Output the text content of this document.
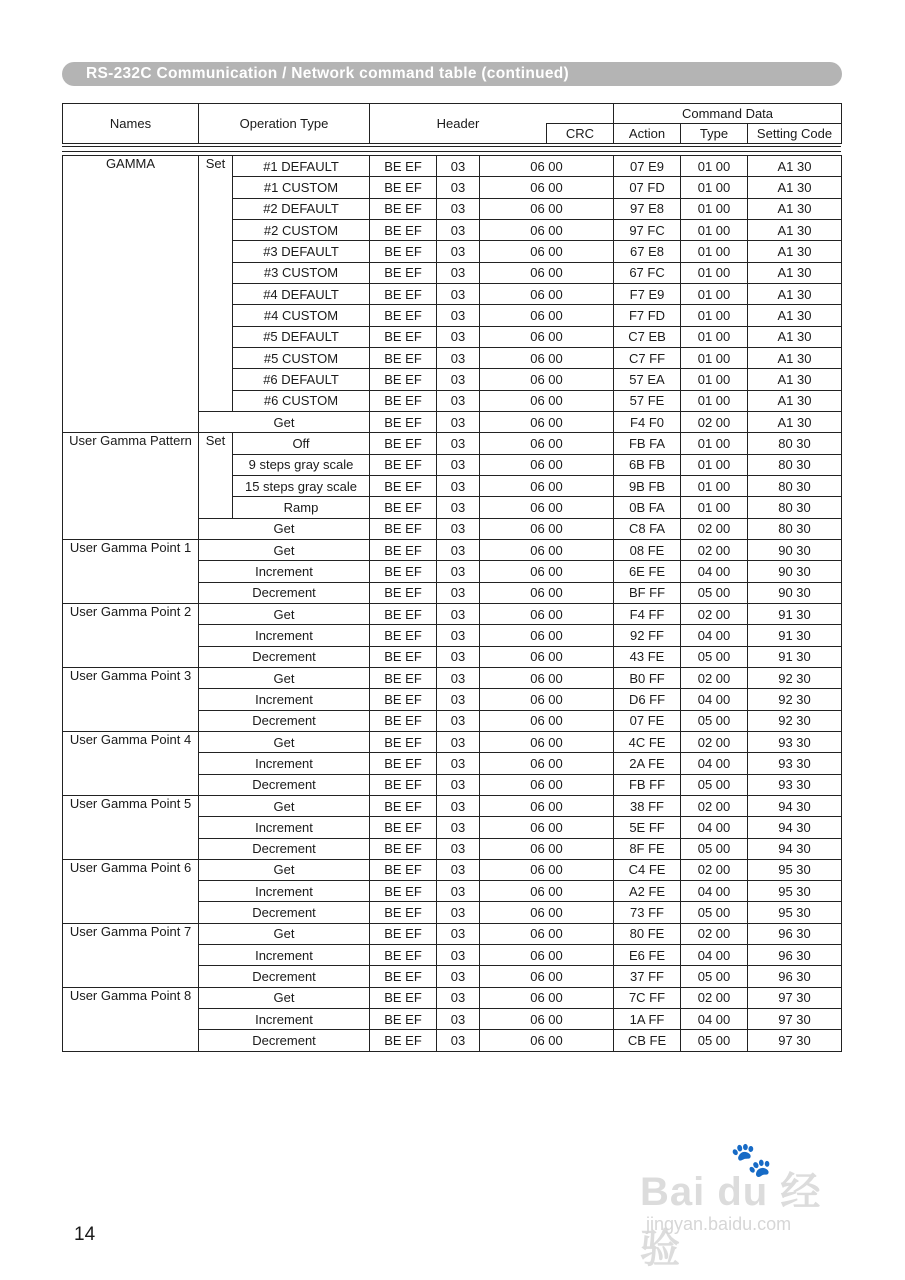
RS-232C Communication / Network command table (continued)
Names	Operation Type	Header		Command Data		
			CRC	Action	Type	Setting Code
GAMMA	Set	#1 DEFAULT	BE EF	03	06 00	07 E9	01 00	A1 30	
		#1 CUSTOM	BE EF	03	06 00	07 FD	01 00	A1 30	
		#2 DEFAULT	BE EF	03	06 00	97 E8	01 00	A1 30	
		#2 CUSTOM	BE EF	03	06 00	97 FC	01 00	A1 30	
		#3 DEFAULT	BE EF	03	06 00	67 E8	01 00	A1 30	
		#3 CUSTOM	BE EF	03	06 00	67 FC	01 00	A1 30	
		#4 DEFAULT	BE EF	03	06 00	F7 E9	01 00	A1 30	
		#4 CUSTOM	BE EF	03	06 00	F7 FD	01 00	A1 30	
		#5 DEFAULT	BE EF	03	06 00	C7 EB	01 00	A1 30	
		#5 CUSTOM	BE EF	03	06 00	C7 FF	01 00	A1 30	
		#6 DEFAULT	BE EF	03	06 00	57 EA	01 00	A1 30	
		#6 CUSTOM	BE EF	03	06 00	57 FE	01 00	A1 30	
	Get		BE EF	03	06 00	F4 F0	02 00	A1 30	
User Gamma Pattern	Set	Off	BE EF	03	06 00	FB FA	01 00	80 30	
		9 steps gray scale	BE EF	03	06 00	6B FB	01 00	80 30	
		15 steps gray scale	BE EF	03	06 00	9B FB	01 00	80 30	
		Ramp	BE EF	03	06 00	0B FA	01 00	80 30	
	Get		BE EF	03	06 00	C8 FA	02 00	80 30	
User Gamma Point 1	Get		BE EF	03	06 00	08 FE	02 00	90 30	
	Increment		BE EF	03	06 00	6E FE	04 00	90 30	
	Decrement		BE EF	03	06 00	BF FF	05 00	90 30	
User Gamma Point 2	Get		BE EF	03	06 00	F4 FF	02 00	91 30	
	Increment		BE EF	03	06 00	92 FF	04 00	91 30	
	Decrement		BE EF	03	06 00	43 FE	05 00	91 30	
User Gamma Point 3	Get		BE EF	03	06 00	B0 FF	02 00	92 30	
	Increment		BE EF	03	06 00	D6 FF	04 00	92 30	
	Decrement		BE EF	03	06 00	07 FE	05 00	92 30	
User Gamma Point 4	Get		BE EF	03	06 00	4C FE	02 00	93 30	
	Increment		BE EF	03	06 00	2A FE	04 00	93 30	
	Decrement		BE EF	03	06 00	FB FF	05 00	93 30	
User Gamma Point 5	Get		BE EF	03	06 00	38 FF	02 00	94 30	
	Increment		BE EF	03	06 00	5E FF	04 00	94 30	
	Decrement		BE EF	03	06 00	8F FE	05 00	94 30	
User Gamma Point 6	Get		BE EF	03	06 00	C4 FE	02 00	95 30	
	Increment		BE EF	03	06 00	A2 FE	04 00	95 30	
	Decrement		BE EF	03	06 00	73 FF	05 00	95 30	
User Gamma Point 7	Get		BE EF	03	06 00	80 FE	02 00	96 30	
	Increment		BE EF	03	06 00	E6 FE	04 00	96 30	
	Decrement		BE EF	03	06 00	37 FF	05 00	96 30	
User Gamma Point 8	Get		BE EF	03	06 00	7C FF	02 00	97 30	
	Increment		BE EF	03	06 00	1A FF	04 00	97 30	
	Decrement		BE EF	03	06 00	CB FE	05 00	97 30	
14
🐾
Bai du 经验
jingyan.baidu.com
